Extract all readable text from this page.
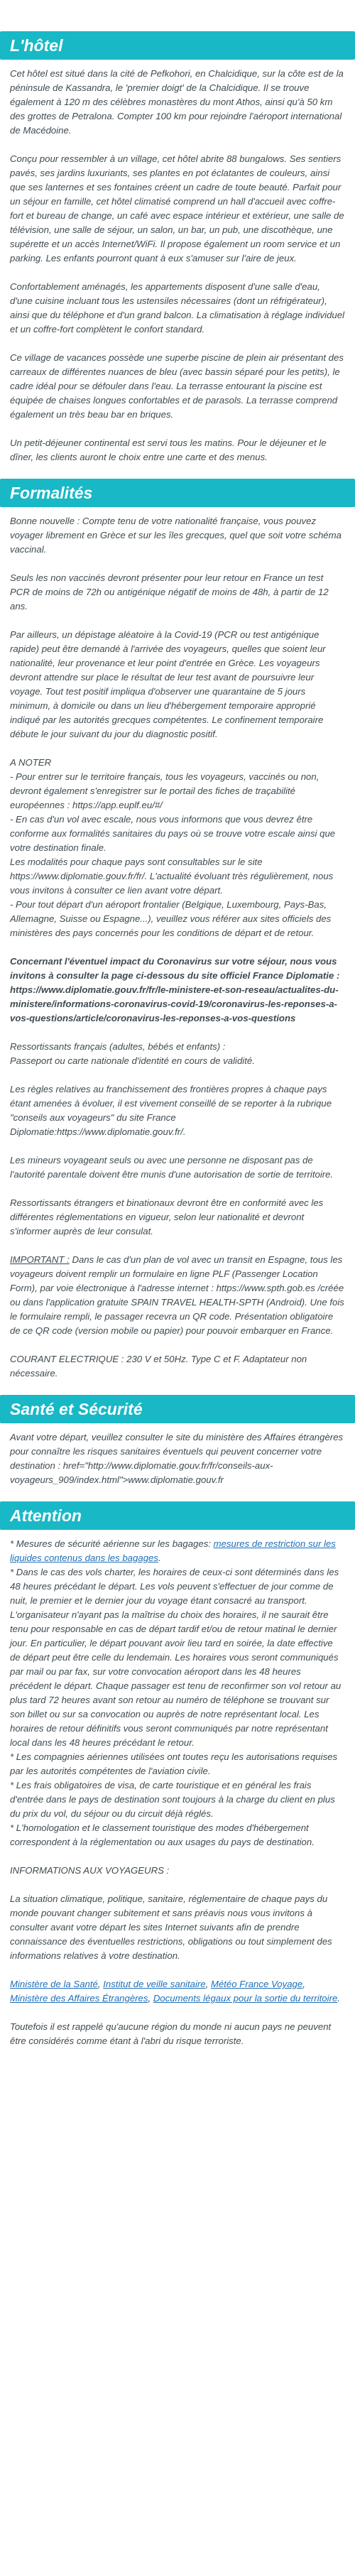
L'hôtel

Cet hôtel est situé dans la cité de Pefkohori, en Chalcidique, sur la côte est de la péninsule de Kassandra, le 'premier doigt' de la Chalcidique. Il se trouve également à 120 m des célèbres monastères du mont Athos, ainsi qu'à 50 km des grottes de Petralona. Compter 100 km pour rejoindre l'aéroport international de Macédoine.

Conçu pour ressembler à un village, cet hôtel abrite 88 bungalows. Ses sentiers pavés, ses jardins luxuriants, ses plantes en pot éclatantes de couleurs, ainsi que ses lanternes et ses fontaines créent un cadre de toute beauté. Parfait pour un séjour en famille, cet hôtel climatisé comprend un hall d'accueil avec coffre-fort et bureau de change, un café avec espace intérieur et extérieur, une salle de télévision, une salle de séjour, un salon, un bar, un pub, une discothèque, une supérette et un accès Internet/WiFi. Il propose également un room service et un parking. Les enfants pourront quant à eux s'amuser sur l'aire de jeux.

Confortablement aménagés, les appartements disposent d'une salle d'eau, d'une cuisine incluant tous les ustensiles nécessaires (dont un réfrigérateur), ainsi que du téléphone et d'un grand balcon. La climatisation à réglage individuel et un coffre-fort complètent le confort standard.

Ce village de vacances possède une superbe piscine de plein air présentant des carreaux de différentes nuances de bleu (avec bassin séparé pour les petits), le cadre idéal pour se défouler dans l'eau. La terrasse entourant la piscine est équipée de chaises longues confortables et de parasols. La terrasse comprend également un très beau bar en briques.

Un petit-déjeuner continental est servi tous les matins. Pour le déjeuner et le dîner, les clients auront le choix entre une carte et des menus.

Formalités

Bonne nouvelle : Compte tenu de votre nationalité française, vous pouvez voyager librement en Grèce et sur les îles grecques, quel que soit votre schéma vaccinal.

Seuls les non vaccinés devront présenter pour leur retour en France un test PCR de moins de 72h ou antigénique négatif de moins de 48h, à partir de 12 ans.

Par ailleurs, un dépistage aléatoire à la Covid-19 (PCR ou test antigénique rapide) peut être demandé à l'arrivée des voyageurs, quelles que soient leur nationalité, leur provenance et leur point d'entrée en Grèce. Les voyageurs devront attendre sur place le résultat de leur test avant de poursuivre leur voyage. Tout test positif impliqua d'observer une quarantaine de 5 jours minimum, à domicile ou dans un lieu d'hébergement temporaire approprié indiqué par les autorités grecques compétentes. Le confinement temporaire débute le jour suivant du jour du diagnostic positif.

A NOTER

- Pour entrer sur le territoire français, tous les voyageurs, vaccinés ou non, devront également s'enregistrer sur le portail des fiches de traçabilité européennes : https://app.euplf.eu/#/

- En cas d'un vol avec escale, nous vous informons que vous devrez être conforme aux formalités sanitaires du pays où se trouve votre escale ainsi que votre destination finale.

Les modalités pour chaque pays sont consultables sur le site https://www.diplomatie.gouv.fr/fr/. L'actualité évoluant très régulièrement, nous vous invitons à consulter ce lien avant votre départ.

- Pour tout départ d'un aéroport frontalier (Belgique, Luxembourg, Pays-Bas, Allemagne, Suisse ou Espagne...), veuillez vous référer aux sites officiels des ministères des pays concernés pour les conditions de départ et de retour.

Concernant l'éventuel impact du Coronavirus sur votre séjour, nous vous invitons à consulter la page ci-dessous du site officiel France Diplomatie : https://www.diplomatie.gouv.fr/fr/le-ministere-et-son-reseau/actualites-du-ministere/informations-coronavirus-covid-19/coronavirus-les-reponses-a-vos-questions/article/coronavirus-les-reponses-a-vos-questions

Ressortissants français (adultes, bébés et enfants) :

Passeport ou carte nationale d'identité en cours de validité.

Les règles relatives au franchissement des frontières propres à chaque pays étant amenées à évoluer, il est vivement conseillé de se reporter à la rubrique "conseils aux voyageurs" du site France Diplomatie:https://www.diplomatie.gouv.fr/.

Les mineurs voyageant seuls ou avec une personne ne disposant pas de l'autorité parentale doivent être munis d'une autorisation de sortie de territoire.

Ressortissants étrangers et binationaux devront être en conformité avec les différentes réglementations en vigueur, selon leur nationalité et devront s'informer auprès de leur consulat.

IMPORTANT : Dans le cas d'un plan de vol avec un transit en Espagne, tous les voyageurs doivent remplir un formulaire en ligne PLF (Passenger Location Form), par voie électronique à l'adresse internet : https://www.spth.gob.es /créée ou dans l'application gratuite SPAIN TRAVEL HEALTH-SPTH (Android). Une fois le formulaire rempli, le passager recevra un QR code. Présentation obligatoire de ce QR code (version mobile ou papier) pour pouvoir embarquer en France.

COURANT ELECTRIQUE : 230 V et 50Hz. Type C et F. Adaptateur non nécessaire.

Santé et Sécurité

Avant votre départ, veuillez consulter le site du ministère des Affaires étrangères pour connaître les risques sanitaires éventuels qui peuvent concerner votre destination : href="http://www.diplomatie.gouv.fr/fr/conseils-aux-voyageurs_909/index.html">www.diplomatie.gouv.fr

Attention

* Mesures de sécurité aérienne sur les bagages: mesures de restriction sur les liquides contenus dans les bagages.

* Dans le cas des vols charter, les horaires de ceux-ci sont déterminés dans les 48 heures précédant le départ. Les vols peuvent s'effectuer de jour comme de nuit, le premier et le dernier jour du voyage étant consacré au transport. L'organisateur n'ayant pas la maîtrise du choix des horaires, il ne saurait être tenu pour responsable en cas de départ tardif et/ou de retour matinal le dernier jour. En particulier, le départ pouvant avoir lieu tard en soirée, la date effective de départ peut être celle du lendemain. Les horaires vous seront communiqués par mail ou par fax, sur votre convocation aéroport dans les 48 heures précédent le départ. Chaque passager est tenu de reconfirmer son vol retour au plus tard 72 heures avant son retour au numéro de téléphone se trouvant sur son billet ou sur sa convocation ou auprès de notre représentant local. Les horaires de retour définitifs vous seront communiqués par notre représentant local dans les 48 heures précédant le retour.

* Les compagnies aériennes utilisées ont toutes reçu les autorisations requises par les autorités compétentes de l'aviation civile.

* Les frais obligatoires de visa, de carte touristique et en général les frais d'entrée dans le pays de destination sont toujours à la charge du client en plus du prix du vol, du séjour ou du circuit déjà réglés.

* L'homologation et le classement touristique des modes d'hébergement correspondent à la réglementation ou aux usages du pays de destination.

INFORMATIONS AUX VOYAGEURS :

La situation climatique, politique, sanitaire, réglementaire de chaque pays du monde pouvant changer subitement et sans préavis nous vous invitons à consulter avant votre départ les sites Internet suivants afin de prendre connaissance des éventuelles restrictions, obligations ou tout simplement des informations relatives à votre destination.

Ministère de la Santé, Institut de veille sanitaire, Météo France Voyage, Ministère des Affaires Étrangères, Documents légaux pour la sortie du territoire.

Toutefois il est rappelé qu'aucune région du monde ni aucun pays ne peuvent être considérés comme étant à l'abri du risque terroriste.
